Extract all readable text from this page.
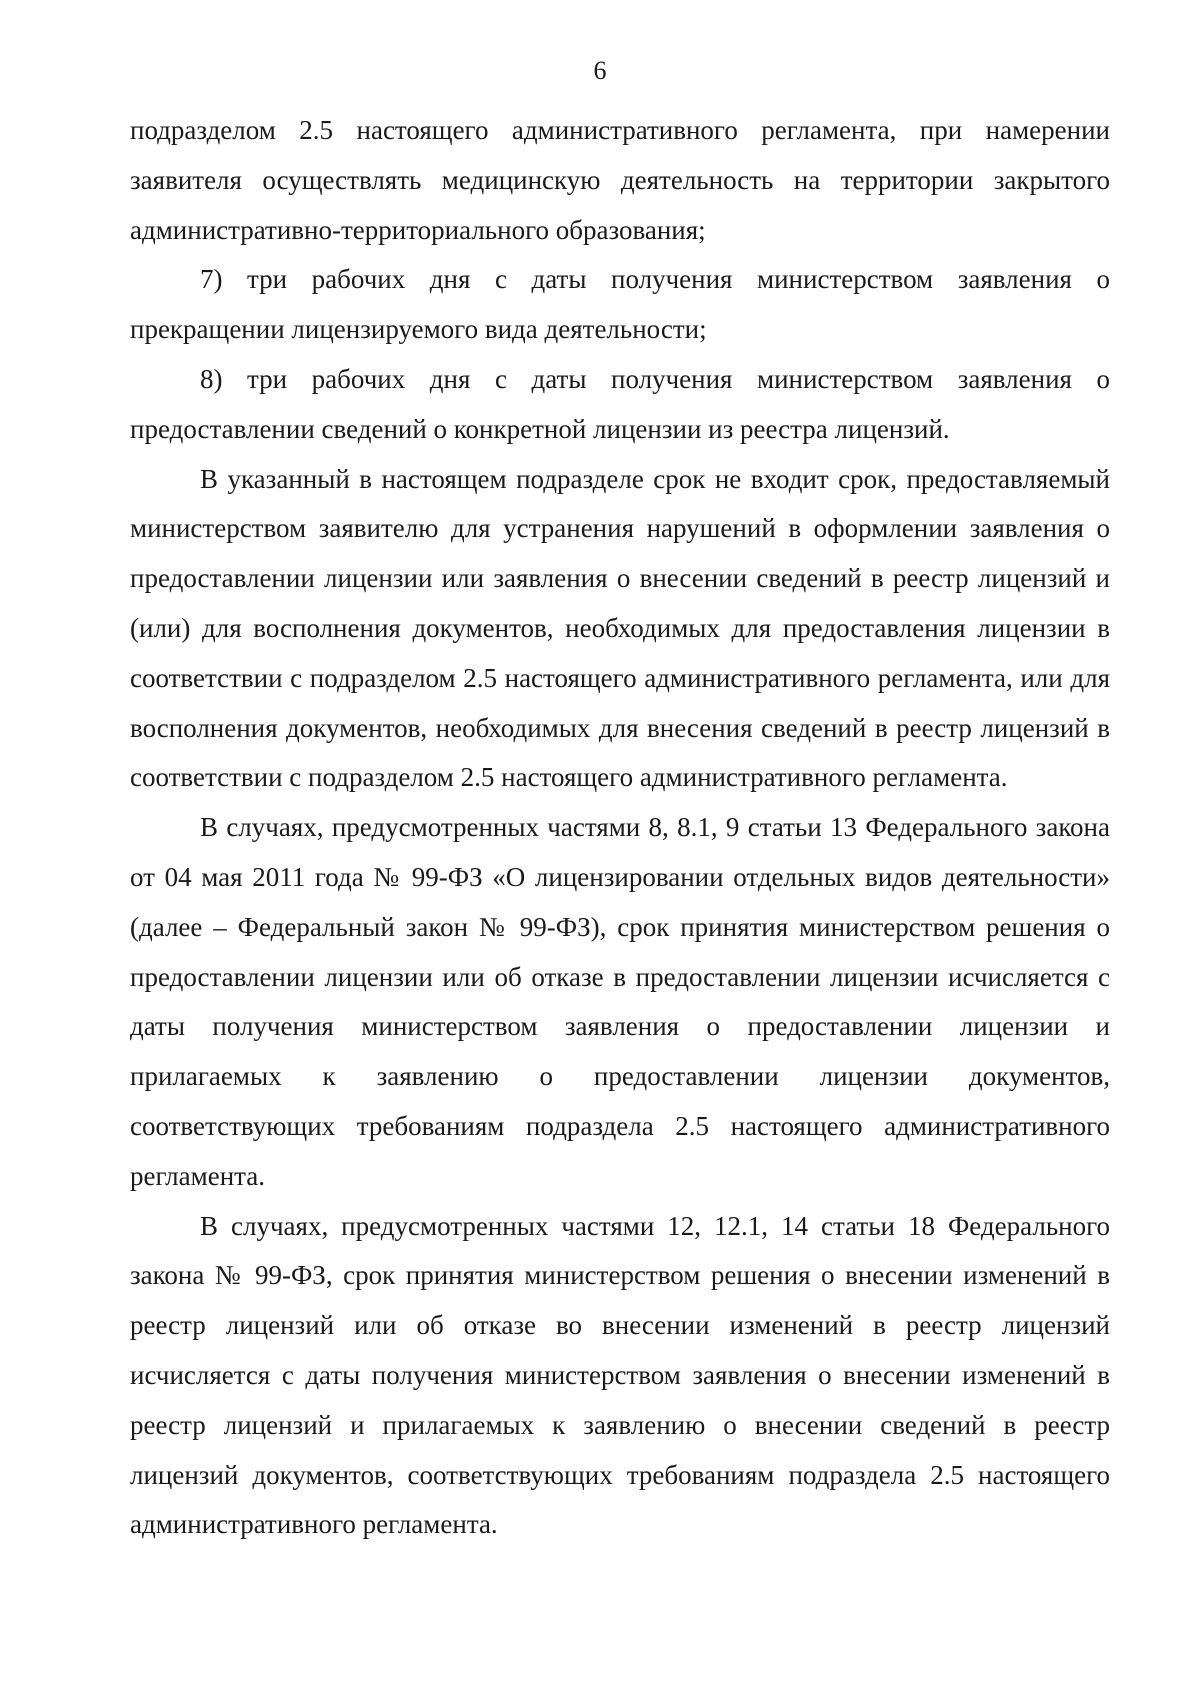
6

подразделом 2.5 настоящего административного регламента, при намерении заявителя осуществлять медицинскую деятельность на территории закрытого административно-территориального образования;

7) три рабочих дня с даты получения министерством заявления о прекращении лицензируемого вида деятельности;

8) три рабочих дня с даты получения министерством заявления о предоставлении сведений о конкретной лицензии из реестра лицензий.

В указанный в настоящем подразделе срок не входит срок, предоставляемый министерством заявителю для устранения нарушений в оформлении заявления о предоставлении лицензии или заявления о внесении сведений в реестр лицензий и (или) для восполнения документов, необходимых для предоставления лицензии в соответствии с подразделом 2.5 настоящего административного регламента, или для восполнения документов, необходимых для внесения сведений в реестр лицензий в соответствии с подразделом 2.5 настоящего административного регламента.

В случаях, предусмотренных частями 8, 8.1, 9 статьи 13 Федерального закона от 04 мая 2011 года № 99-ФЗ «О лицензировании отдельных видов деятельности» (далее – Федеральный закон № 99-ФЗ), срок принятия министерством решения о предоставлении лицензии или об отказе в предоставлении лицензии исчисляется с даты получения министерством заявления о предоставлении лицензии и прилагаемых к заявлению о предоставлении лицензии документов, соответствующих требованиям подраздела 2.5 настоящего административного регламента.

В случаях, предусмотренных частями 12, 12.1, 14 статьи 18 Федерального закона № 99-ФЗ, срок принятия министерством решения о внесении изменений в реестр лицензий или об отказе во внесении изменений в реестр лицензий исчисляется с даты получения министерством заявления о внесении изменений в реестр лицензий и прилагаемых к заявлению о внесении сведений в реестр лицензий документов, соответствующих требованиям подраздела 2.5 настоящего административного регламента.
